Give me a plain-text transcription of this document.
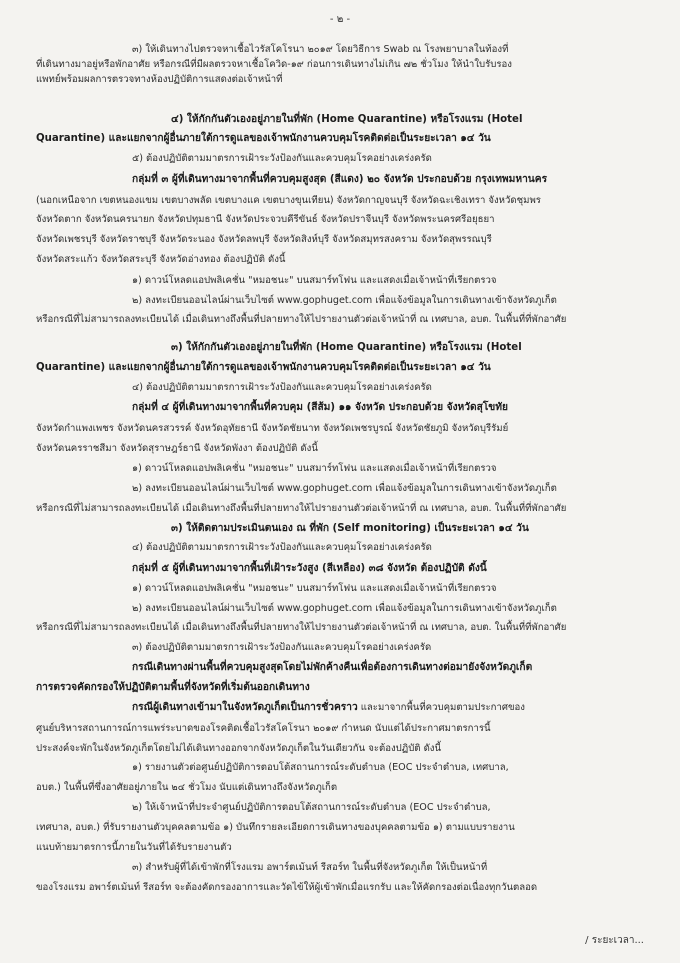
- ๒ -
๓) ให้เดินทางไปตรวจหาเชื้อไวรัสโคโรนา ๒๐๑๙ โดยวิธีการ Swab ณ โรงพยาบาลในท้องที่
ที่เดินทางมาอยู่หรือพักอาศัย หรือกรณีที่มีผลตรวจหาเชื้อโควิด-๑๙ ก่อนการเดินทางไม่เกิน ๗๒ ชั่วโมง ให้นำใบรับรอง
แพทย์พร้อมผลการตรวจทางห้องปฏิบัติการแสดงต่อเจ้าหน้าที่
๔) ให้กักกันตัวเองอยู่ภายในที่พัก (Home Quarantine) หรือโรงแรม (Hotel
Quarantine) และแยกจากผู้อื่นภายใต้การดูแลของเจ้าพนักงานควบคุมโรคติดต่อเป็นระยะเวลา ๑๔ วัน
๕) ต้องปฏิบัติตามมาตรการเฝ้าระวังป้องกันและควบคุมโรคอย่างเคร่งครัด
กลุ่มที่ ๓ ผู้ที่เดินทางมาจากพื้นที่ควบคุมสูงสุด (สีแดง) ๒๐ จังหวัด ประกอบด้วย กรุงเทพมหานคร
(นอกเหนือจาก เขตหนองแขม เขตบางพลัด เขตบางแค เขตบางขุนเทียน) จังหวัดกาญจนบุรี จังหวัดฉะเชิงเทรา จังหวัดชุมพร
จังหวัดตาก จังหวัดนครนายก จังหวัดปทุมธานี จังหวัดประจวบคีรีขันธ์ จังหวัดปราจีนบุรี จังหวัดพระนครศรีอยุธยา
จังหวัดเพชรบุรี จังหวัดราชบุรี จังหวัดระนอง จังหวัดลพบุรี จังหวัดสิงห์บุรี จังหวัดสมุทรสงคราม จังหวัดสุพรรณบุรี
จังหวัดสระแก้ว จังหวัดสระบุรี จังหวัดอ่างทอง ต้องปฏิบัติ ดังนี้
๑) ดาวน์โหลดแอปพลิเคชั่น "หมอชนะ" บนสมาร์ทโฟน และแสดงเมื่อเจ้าหน้าที่เรียกตรวจ
๒) ลงทะเบียนออนไลน์ผ่านเว็บไซต์ www.gophuget.com เพื่อแจ้งข้อมูลในการเดินทางเข้าจังหวัดภูเก็ต
หรือกรณีที่ไม่สามารถลงทะเบียนได้ เมื่อเดินทางถึงพื้นที่ปลายทางให้ไปรายงานตัวต่อเจ้าหน้าที่ ณ เทศบาล, อบต. ในพื้นที่ที่พักอาศัย
๓) ให้กักกันตัวเองอยู่ภายในที่พัก (Home Quarantine) หรือโรงแรม (Hotel
Quarantine) และแยกจากผู้อื่นภายใต้การดูแลของเจ้าพนักงานควบคุมโรคติดต่อเป็นระยะเวลา ๑๔ วัน
๔) ต้องปฏิบัติตามมาตรการเฝ้าระวังป้องกันและควบคุมโรคอย่างเคร่งครัด
กลุ่มที่ ๔ ผู้ที่เดินทางมาจากพื้นที่ควบคุม (สีส้ม) ๑๑ จังหวัด ประกอบด้วย จังหวัดสุโขทัย
จังหวัดกำแพงเพชร จังหวัดนครสวรรค์ จังหวัดอุทัยธานี จังหวัดชัยนาท จังหวัดเพชรบูรณ์ จังหวัดชัยภูมิ จังหวัดบุรีรัมย์
จังหวัดนครราชสีมา จังหวัดสุราษฎร์ธานี จังหวัดพังงา ต้องปฏิบัติ ดังนี้
๑) ดาวน์โหลดแอปพลิเคชั่น "หมอชนะ" บนสมาร์ทโฟน และแสดงเมื่อเจ้าหน้าที่เรียกตรวจ
๒) ลงทะเบียนออนไลน์ผ่านเว็บไซต์ www.gophuget.com เพื่อแจ้งข้อมูลในการเดินทางเข้าจังหวัดภูเก็ต
หรือกรณีที่ไม่สามารถลงทะเบียนได้ เมื่อเดินทางถึงพื้นที่ปลายทางให้ไปรายงานตัวต่อเจ้าหน้าที่ ณ เทศบาล, อบต. ในพื้นที่ที่พักอาศัย
๓) ให้ติดตามประเมินตนเอง ณ ที่พัก (Self monitoring) เป็นระยะเวลา ๑๔ วัน
๔) ต้องปฏิบัติตามมาตรการเฝ้าระวังป้องกันและควบคุมโรคอย่างเคร่งครัด
กลุ่มที่ ๕ ผู้ที่เดินทางมาจากพื้นที่เฝ้าระวังสูง (สีเหลือง) ๓๘ จังหวัด ต้องปฏิบัติ ดังนี้
๑) ดาวน์โหลดแอปพลิเคชั่น "หมอชนะ" บนสมาร์ทโฟน และแสดงเมื่อเจ้าหน้าที่เรียกตรวจ
๒) ลงทะเบียนออนไลน์ผ่านเว็บไซต์ www.gophuget.com เพื่อแจ้งข้อมูลในการเดินทางเข้าจังหวัดภูเก็ต
หรือกรณีที่ไม่สามารถลงทะเบียนได้ เมื่อเดินทางถึงพื้นที่ปลายทางให้ไปรายงานตัวต่อเจ้าหน้าที่ ณ เทศบาล, อบต. ในพื้นที่ที่พักอาศัย
๓) ต้องปฏิบัติตามมาตรการเฝ้าระวังป้องกันและควบคุมโรคอย่างเคร่งครัด
กรณีเดินทางผ่านพื้นที่ควบคุมสูงสุดโดยไม่พักค้างคืนเพื่อต้องการเดินทางต่อมายังจังหวัดภูเก็ต
การตรวจคัดกรองให้ปฏิบัติตามพื้นที่จังหวัดที่เริ่มต้นออกเดินทาง
กรณีผู้เดินทางเข้ามาในจังหวัดภูเก็ตเป็นการชั่วคราว และมาจากพื้นที่ควบคุมตามประกาศของ
ศูนย์บริหารสถานการณ์การแพร่ระบาดของโรคติดเชื้อไวรัสโคโรนา ๒๐๑๙ กำหนด นับแต่ได้ประกาศมาตรการนี้
ประสงค์จะพักในจังหวัดภูเก็ตโดยไม่ได้เดินทางออกจากจังหวัดภูเก็ตในวันเดียวกัน จะต้องปฏิบัติ ดังนี้
๑) รายงานตัวต่อศูนย์ปฏิบัติการตอบโต้สถานการณ์ระดับตำบล (EOC ประจำตำบล, เทศบาล,
อบต.) ในพื้นที่ซึ่งอาศัยอยู่ภายใน ๒๔ ชั่วโมง นับแต่เดินทางถึงจังหวัดภูเก็ต
๒) ให้เจ้าหน้าที่ประจำศูนย์ปฏิบัติการตอบโต้สถานการณ์ระดับตำบล (EOC ประจำตำบล,
เทศบาล, อบต.) ที่รับรายงานตัวบุคคลตามข้อ ๑) บันทึกรายละเอียดการเดินทางของบุคคลตามข้อ ๑) ตามแบบรายงาน
แนบท้ายมาตรการนี้ภายในวันที่ได้รับรายงานตัว
๓) สำหรับผู้ที่ได้เข้าพักที่โรงแรม อพาร์ตเม้นท์ รีสอร์ท ในพื้นที่จังหวัดภูเก็ต ให้เป็นหน้าที่
ของโรงแรม อพาร์ตเม้นท์ รีสอร์ท จะต้องคัดกรองอาการและวัดไข้ให้ผู้เข้าพักเมื่อแรกรับ และให้คัดกรองต่อเนื่องทุกวันตลอด
/ ระยะเวลา...
